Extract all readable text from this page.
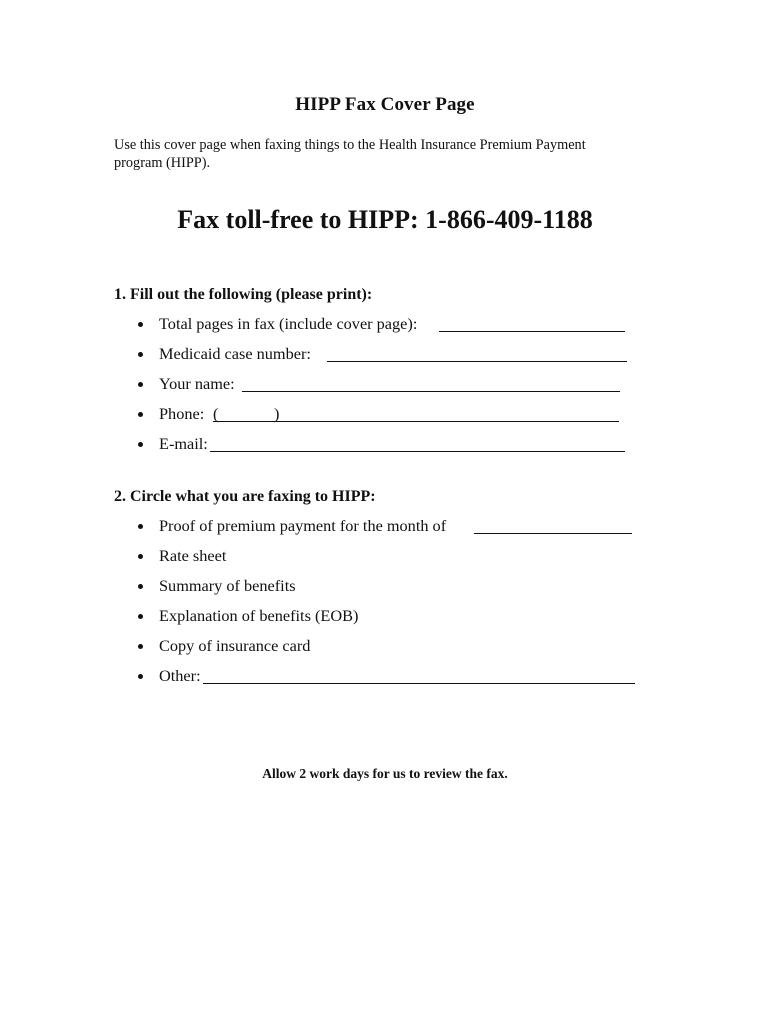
HIPP Fax Cover Page
Use this cover page when faxing things to the Health Insurance Premium Payment
program (HIPP).
Fax toll-free to HIPP: 1-866-409-1188
1. Fill out the following (please print):
Total pages in fax (include cover page):
Medicaid case number:
Your name:
Phone: (	)
E-mail:
2. Circle what you are faxing to HIPP:
Proof of premium payment for the month of
Rate sheet
Summary of benefits
Explanation of benefits (EOB)
Copy of insurance card
Other:
Allow 2 work days for us to review the fax.
